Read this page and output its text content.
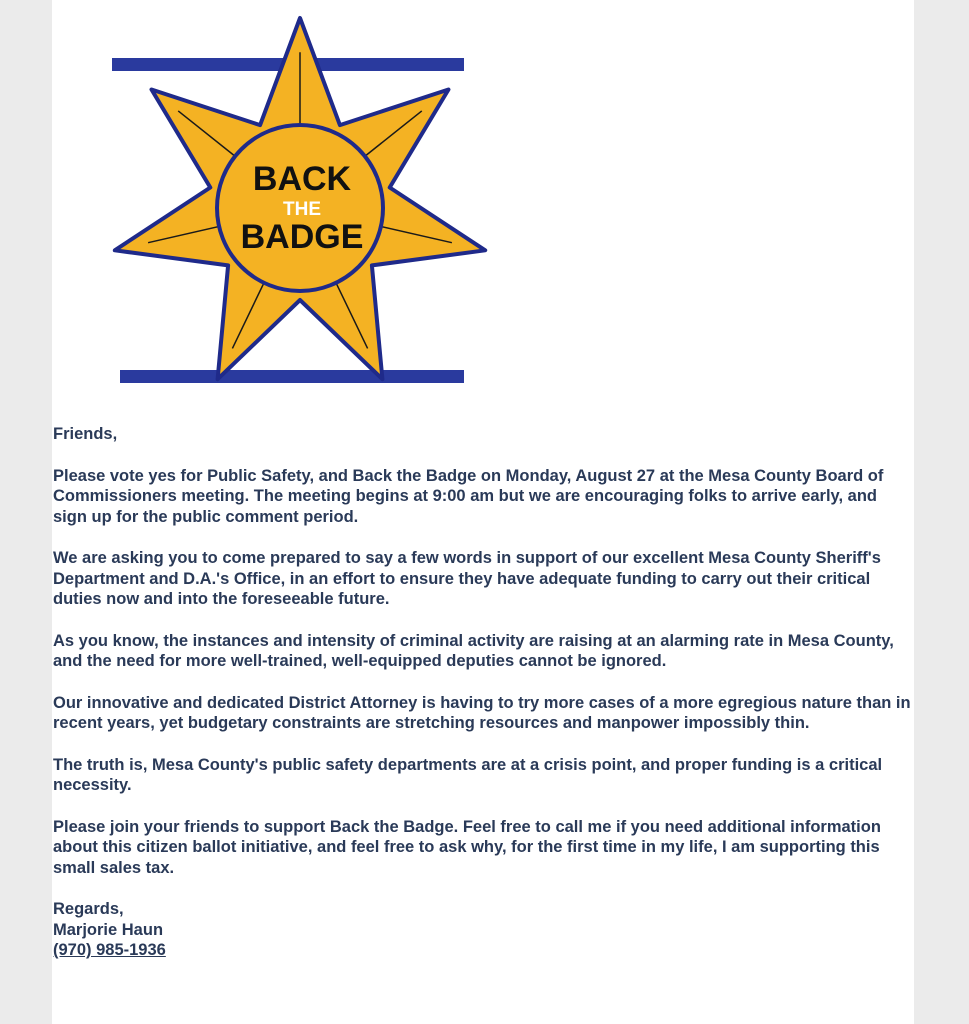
BACK
THE
BADGE

Friends,

Please vote yes for Public Safety, and Back the Badge on Monday, August 27 at the Mesa County Board of Commissioners meeting. The meeting begins at 9:00 am but we are encouraging folks to arrive early, and sign up for the public comment period.

We are asking you to come prepared to say a few words in support of our excellent Mesa County Sheriff's Department and D.A.'s Office, in an effort to ensure they have adequate funding to carry out their critical duties now and into the foreseeable future.

As you know, the instances and intensity of criminal activity are raising at an alarming rate in Mesa County, and the need for more well-trained, well-equipped deputies cannot be ignored.

Our innovative and dedicated District Attorney is having to try more cases of a more egregious nature than in recent years, yet budgetary constraints are stretching resources and manpower impossibly thin.

The truth is, Mesa County's public safety departments are at a crisis point, and proper funding is a critical necessity.

Please join your friends to support Back the Badge. Feel free to call me if you need additional information about this citizen ballot initiative, and feel free to ask why, for the first time in my life, I am supporting this small sales tax.

Regards,
Marjorie Haun
(970) 985-1936
